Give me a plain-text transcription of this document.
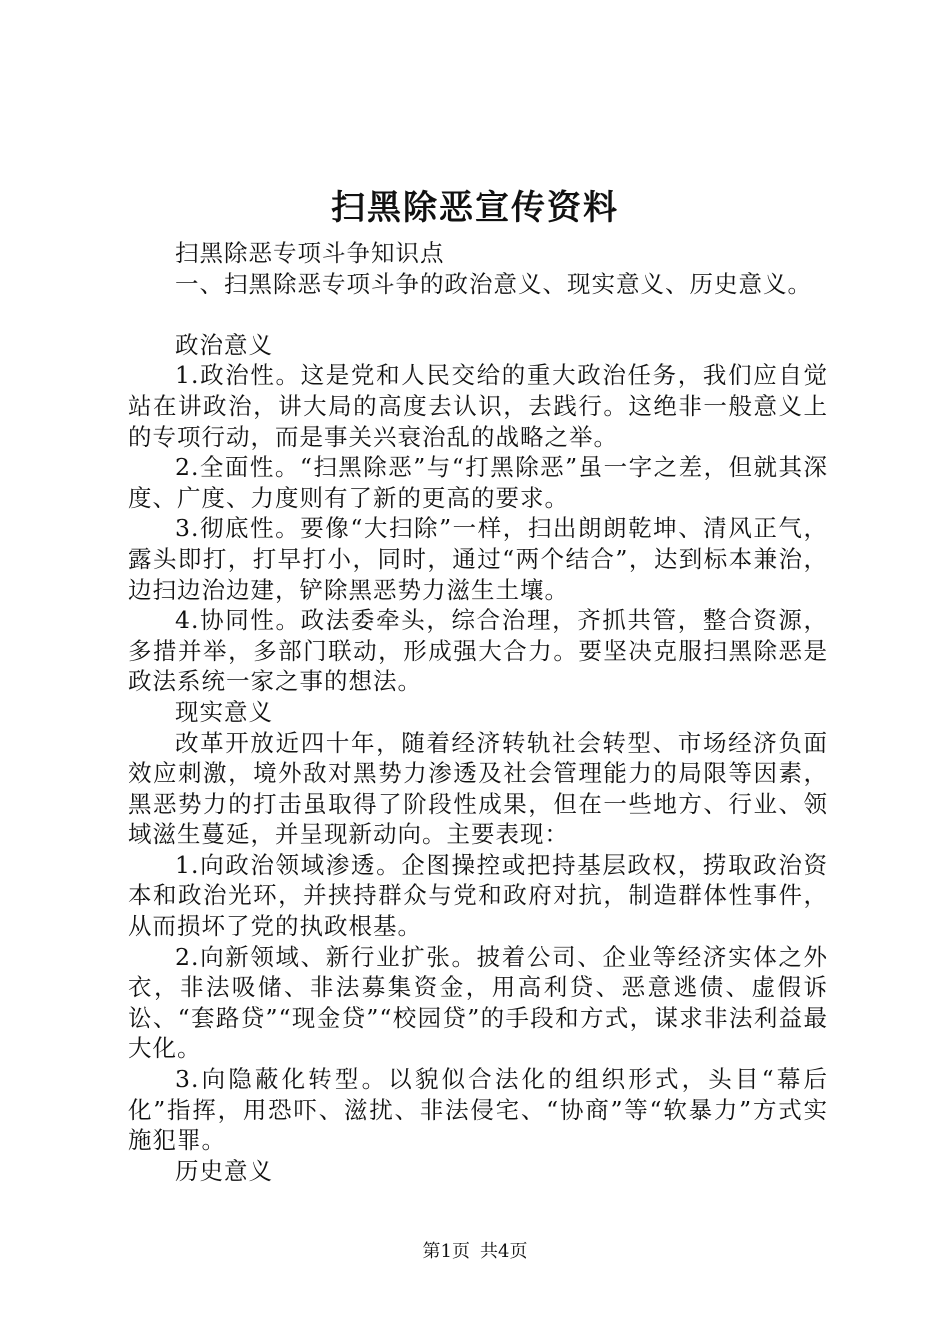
扫黑除恶宣传资料

扫黑除恶专项斗争知识点

一、扫黑除恶专项斗争的政治意义、现实意义、历史意义。

政治意义

1.政治性。这是党和人民交给的重大政治任务，我们应自觉站在讲政治，讲大局的高度去认识，去践行。这绝非一般意义上的专项行动，而是事关兴衰治乱的战略之举。

2.全面性。“扫黑除恶”与“打黑除恶”虽一字之差，但就其深度、广度、力度则有了新的更高的要求。

3.彻底性。要像“大扫除”一样，扫出朗朗乾坤、清风正气，露头即打，打早打小，同时，通过“两个结合”，达到标本兼治，边扫边治边建，铲除黑恶势力滋生土壤。

4.协同性。政法委牵头，综合治理，齐抓共管，整合资源，多措并举，多部门联动，形成强大合力。要坚决克服扫黑除恶是政法系统一家之事的想法。

现实意义

改革开放近四十年，随着经济转轨社会转型、市场经济负面效应刺激，境外敌对黑势力渗透及社会管理能力的局限等因素，黑恶势力的打击虽取得了阶段性成果，但在一些地方、行业、领域滋生蔓延，并呈现新动向。主要表现：

1.向政治领域渗透。企图操控或把持基层政权，捞取政治资本和政治光环，并挟持群众与党和政府对抗，制造群体性事件，从而损坏了党的执政根基。

2.向新领域、新行业扩张。披着公司、企业等经济实体之外衣，非法吸储、非法募集资金，用高利贷、恶意逃债、虚假诉讼、“套路贷”“现金贷”“校园贷”的手段和方式，谋求非法利益最大化。

3.向隐蔽化转型。以貌似合法化的组织形式，头目“幕后化”指挥，用恐吓、滋扰、非法侵宅、“协商”等“软暴力”方式实施犯罪。

历史意义

第1页 共4页
